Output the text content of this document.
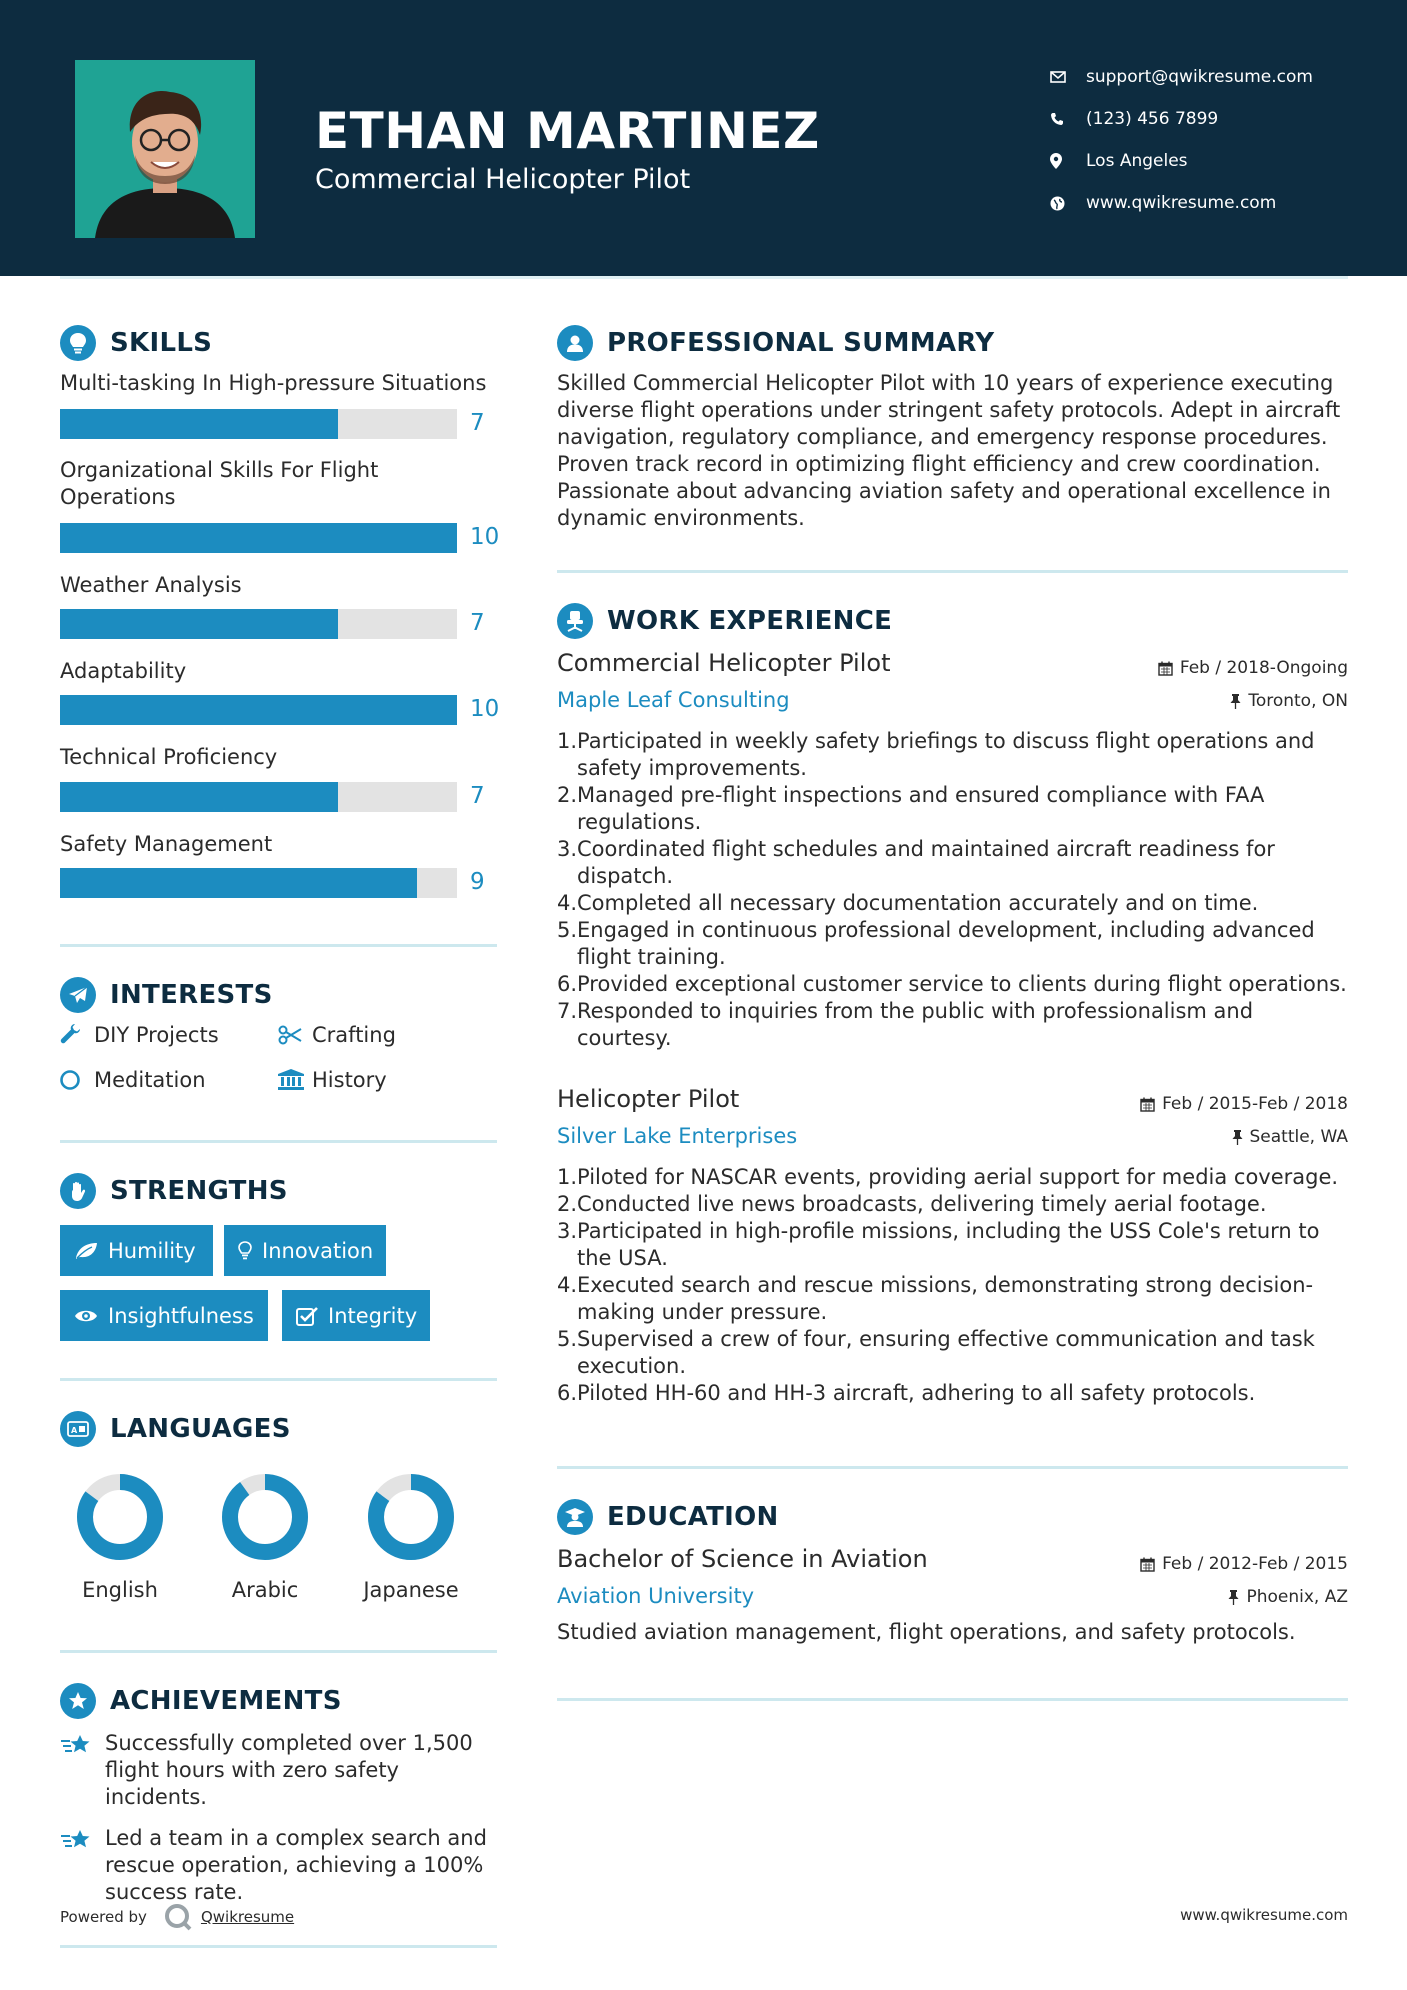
ETHAN MARTINEZ
Commercial Helicopter Pilot
support@qwikresume.com
(123) 456 7899
Los Angeles
www.qwikresume.com
SKILLS
Multi-tasking In High-pressure Situations
7
Organizational Skills For Flight Operations
10
Weather Analysis
7
Adaptability
10
Technical Proficiency
7
Safety Management
9
INTERESTS
DIY Projects	Crafting
Meditation	History
STRENGTHS
Humility	Innovation
Insightfulness	Integrity
A LANGUAGES
English	Arabic	Japanese
ACHIEVEMENTS
Successfully completed over 1,500 flight hours with zero safety incidents.
Led a team in a complex search and rescue operation, achieving a 100% success rate.
PROFESSIONAL SUMMARY
Skilled Commercial Helicopter Pilot with 10 years of experience executing diverse flight operations under stringent safety protocols. Adept in aircraft navigation, regulatory compliance, and emergency response procedures. Proven track record in optimizing flight efficiency and crew coordination. Passionate about advancing aviation safety and operational excellence in dynamic environments.
WORK EXPERIENCE
Commercial Helicopter Pilot	Feb / 2018-Ongoing
Maple Leaf Consulting	Toronto, ON
1. Participated in weekly safety briefings to discuss flight operations and safety improvements.
2. Managed pre-flight inspections and ensured compliance with FAA regulations.
3. Coordinated flight schedules and maintained aircraft readiness for dispatch.
4. Completed all necessary documentation accurately and on time.
5. Engaged in continuous professional development, including advanced flight training.
6. Provided exceptional customer service to clients during flight operations.
7. Responded to inquiries from the public with professionalism and courtesy.
Helicopter Pilot	Feb / 2015-Feb / 2018
Silver Lake Enterprises	Seattle, WA
1. Piloted for NASCAR events, providing aerial support for media coverage.
2. Conducted live news broadcasts, delivering timely aerial footage.
3. Participated in high-profile missions, including the USS Cole's return to the USA.
4. Executed search and rescue missions, demonstrating strong decision-making under pressure.
5. Supervised a crew of four, ensuring effective communication and task execution.
6. Piloted HH-60 and HH-3 aircraft, adhering to all safety protocols.
EDUCATION
Bachelor of Science in Aviation	Feb / 2012-Feb / 2015
Aviation University	Phoenix, AZ
Studied aviation management, flight operations, and safety protocols.
Powered by	Qwikresume	www.qwikresume.com
